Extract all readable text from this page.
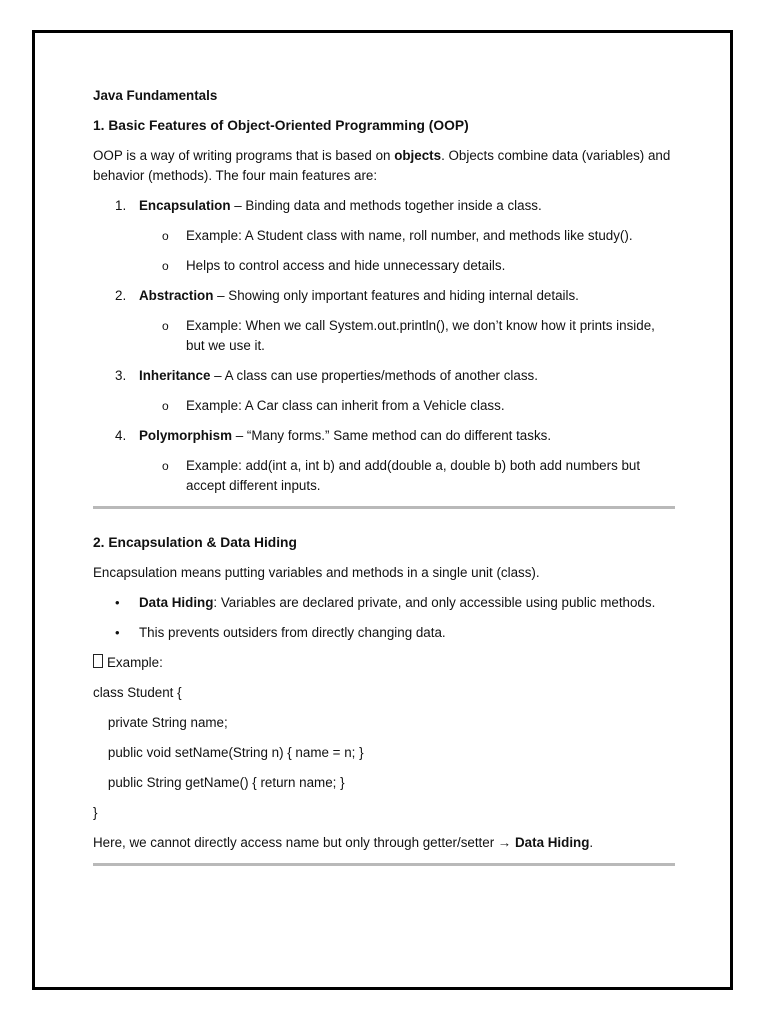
Java Fundamentals
1. Basic Features of Object-Oriented Programming (OOP)

OOP is a way of writing programs that is based on objects. Objects combine data (variables) and behavior (methods). The four main features are:

1. Encapsulation – Binding data and methods together inside a class.
o Example: A Student class with name, roll number, and methods like study().
o Helps to control access and hide unnecessary details.
2. Abstraction – Showing only important features and hiding internal details.
o Example: When we call System.out.println(), we don’t know how it prints inside, but we use it.
3. Inheritance – A class can use properties/methods of another class.
o Example: A Car class can inherit from a Vehicle class.
4. Polymorphism – “Many forms.” Same method can do different tasks.
o Example: add(int a, int b) and add(double a, double b) both add numbers but accept different inputs.
2. Encapsulation & Data Hiding

Encapsulation means putting variables and methods in a single unit (class).

• Data Hiding: Variables are declared private, and only accessible using public methods.
• This prevents outsiders from directly changing data.

Example:

class Student {
private String name;
public void setName(String n) { name = n; }
public String getName() { return name; }
}

Here, we cannot directly access name but only through getter/setter → Data Hiding.
